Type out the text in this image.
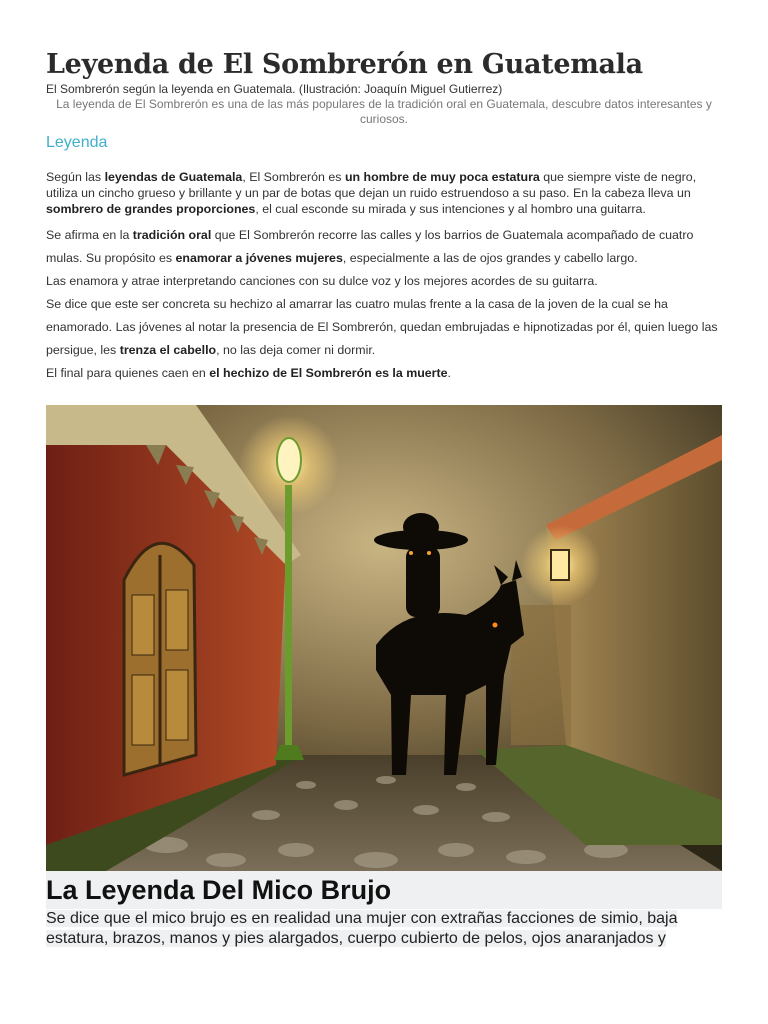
Leyenda de El Sombrerón en Guatemala
El Sombrerón según la leyenda en Guatemala. (Ilustración: Joaquín Miguel Gutierrez)
La leyenda de El Sombrerón es una de las más populares de la tradición oral en Guatemala, descubre datos interesantes y curiosos.
Leyenda
Según las leyendas de Guatemala, El Sombrerón es un hombre de muy poca estatura que siempre viste de negro, utiliza un cincho grueso y brillante y un par de botas que dejan un ruido estruendoso a su paso. En la cabeza lleva un sombrero de grandes proporciones, el cual esconde su mirada y sus intenciones y al hombro una guitarra.
Se afirma en la tradición oral que El Sombrerón recorre las calles y los barrios de Guatemala acompañado de cuatro mulas. Su propósito es enamorar a jóvenes mujeres, especialmente a las de ojos grandes y cabello largo.
Las enamora y atrae interpretando canciones con su dulce voz y los mejores acordes de su guitarra.
Se dice que este ser concreta su hechizo al amarrar las cuatro mulas frente a la casa de la joven de la cual se ha enamorado. Las jóvenes al notar la presencia de El Sombrerón, quedan embrujadas e hipnotizadas por él, quien luego las persigue, les trenza el cabello, no las deja comer ni dormir.
El final para quienes caen en el hechizo de El Sombrerón es la muerte.
La Leyenda Del Mico Brujo
Se dice que el mico brujo es en realidad una mujer con extrañas facciones de simio, baja estatura, brazos, manos y pies alargados, cuerpo cubierto de pelos, ojos anaranjados y
